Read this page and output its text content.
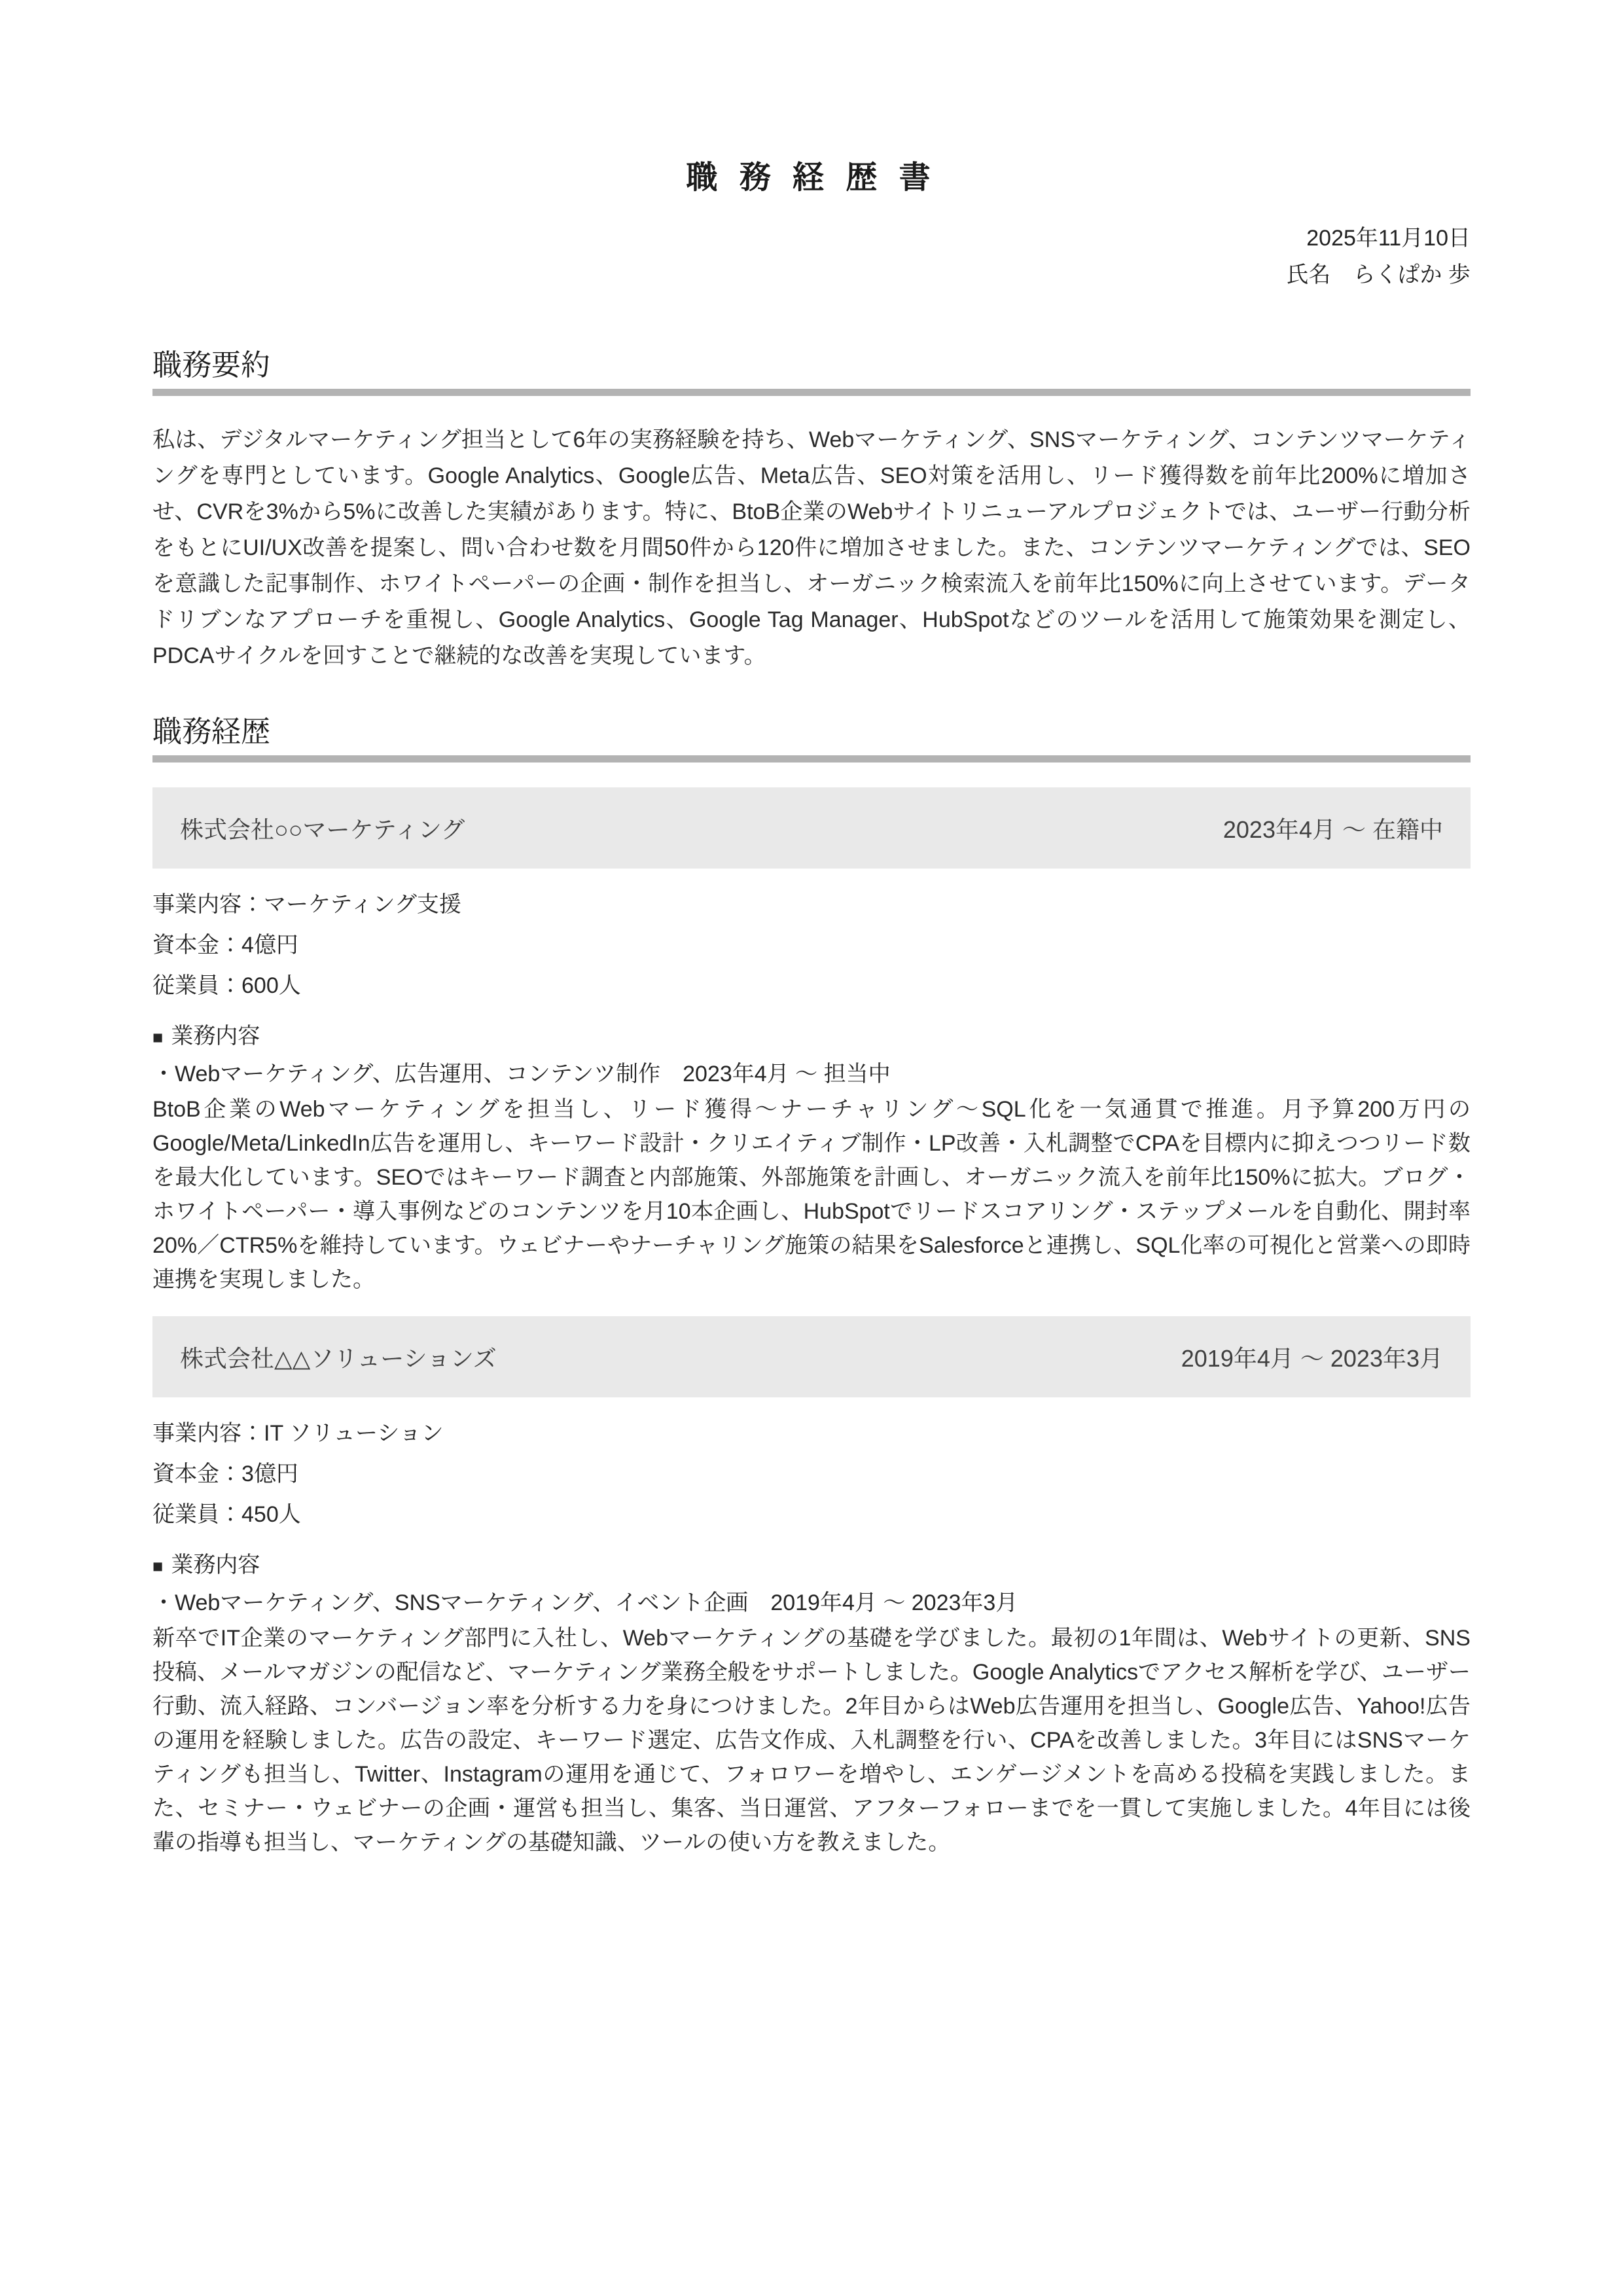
職 務 経 歴 書
2025年11月10日
氏名　らくぱか 歩
職務要約
私は、デジタルマーケティング担当として6年の実務経験を持ち、Webマーケティング、SNSマーケティング、コンテンツマーケティングを専門としています。Google Analytics、Google広告、Meta広告、SEO対策を活用し、リード獲得数を前年比200%に増加させ、CVRを3%から5%に改善した実績があります。特に、BtoB企業のWebサイトリニューアルプロジェクトでは、ユーザー行動分析をもとにUI/UX改善を提案し、問い合わせ数を月間50件から120件に増加させました。また、コンテンツマーケティングでは、SEOを意識した記事制作、ホワイトペーパーの企画・制作を担当し、オーガニック検索流入を前年比150%に向上させています。データドリブンなアプローチを重視し、Google Analytics、Google Tag Manager、HubSpotなどのツールを活用して施策効果を測定し、PDCAサイクルを回すことで継続的な改善を実現しています。
職務経歴
株式会社○○マーケティング	2023年4月 〜 在籍中
事業内容：マーケティング支援
資本金：4億円
従業員：600人
■ 業務内容
・Webマーケティング、広告運用、コンテンツ制作　2023年4月 〜 担当中
BtoB企業のWebマーケティングを担当し、リード獲得〜ナーチャリング〜SQL化を一気通貫で推進。月予算200万円のGoogle/Meta/LinkedIn広告を運用し、キーワード設計・クリエイティブ制作・LP改善・入札調整でCPAを目標内に抑えつつリード数を最大化しています。SEOではキーワード調査と内部施策、外部施策を計画し、オーガニック流入を前年比150%に拡大。ブログ・ホワイトペーパー・導入事例などのコンテンツを月10本企画し、HubSpotでリードスコアリング・ステップメールを自動化、開封率20%／CTR5%を維持しています。ウェビナーやナーチャリング施策の結果をSalesforceと連携し、SQL化率の可視化と営業への即時連携を実現しました。
株式会社△△ソリューションズ	2019年4月 〜 2023年3月
事業内容：IT ソリューション
資本金：3億円
従業員：450人
■ 業務内容
・Webマーケティング、SNSマーケティング、イベント企画　2019年4月 〜 2023年3月
新卒でIT企業のマーケティング部門に入社し、Webマーケティングの基礎を学びました。最初の1年間は、Webサイトの更新、SNS投稿、メールマガジンの配信など、マーケティング業務全般をサポートしました。Google Analyticsでアクセス解析を学び、ユーザー行動、流入経路、コンバージョン率を分析する力を身につけました。2年目からはWeb広告運用を担当し、Google広告、Yahoo!広告の運用を経験しました。広告の設定、キーワード選定、広告文作成、入札調整を行い、CPAを改善しました。3年目にはSNSマーケティングも担当し、Twitter、Instagramの運用を通じて、フォロワーを増やし、エンゲージメントを高める投稿を実践しました。また、セミナー・ウェビナーの企画・運営も担当し、集客、当日運営、アフターフォローまでを一貫して実施しました。4年目には後輩の指導も担当し、マーケティングの基礎知識、ツールの使い方を教えました。
